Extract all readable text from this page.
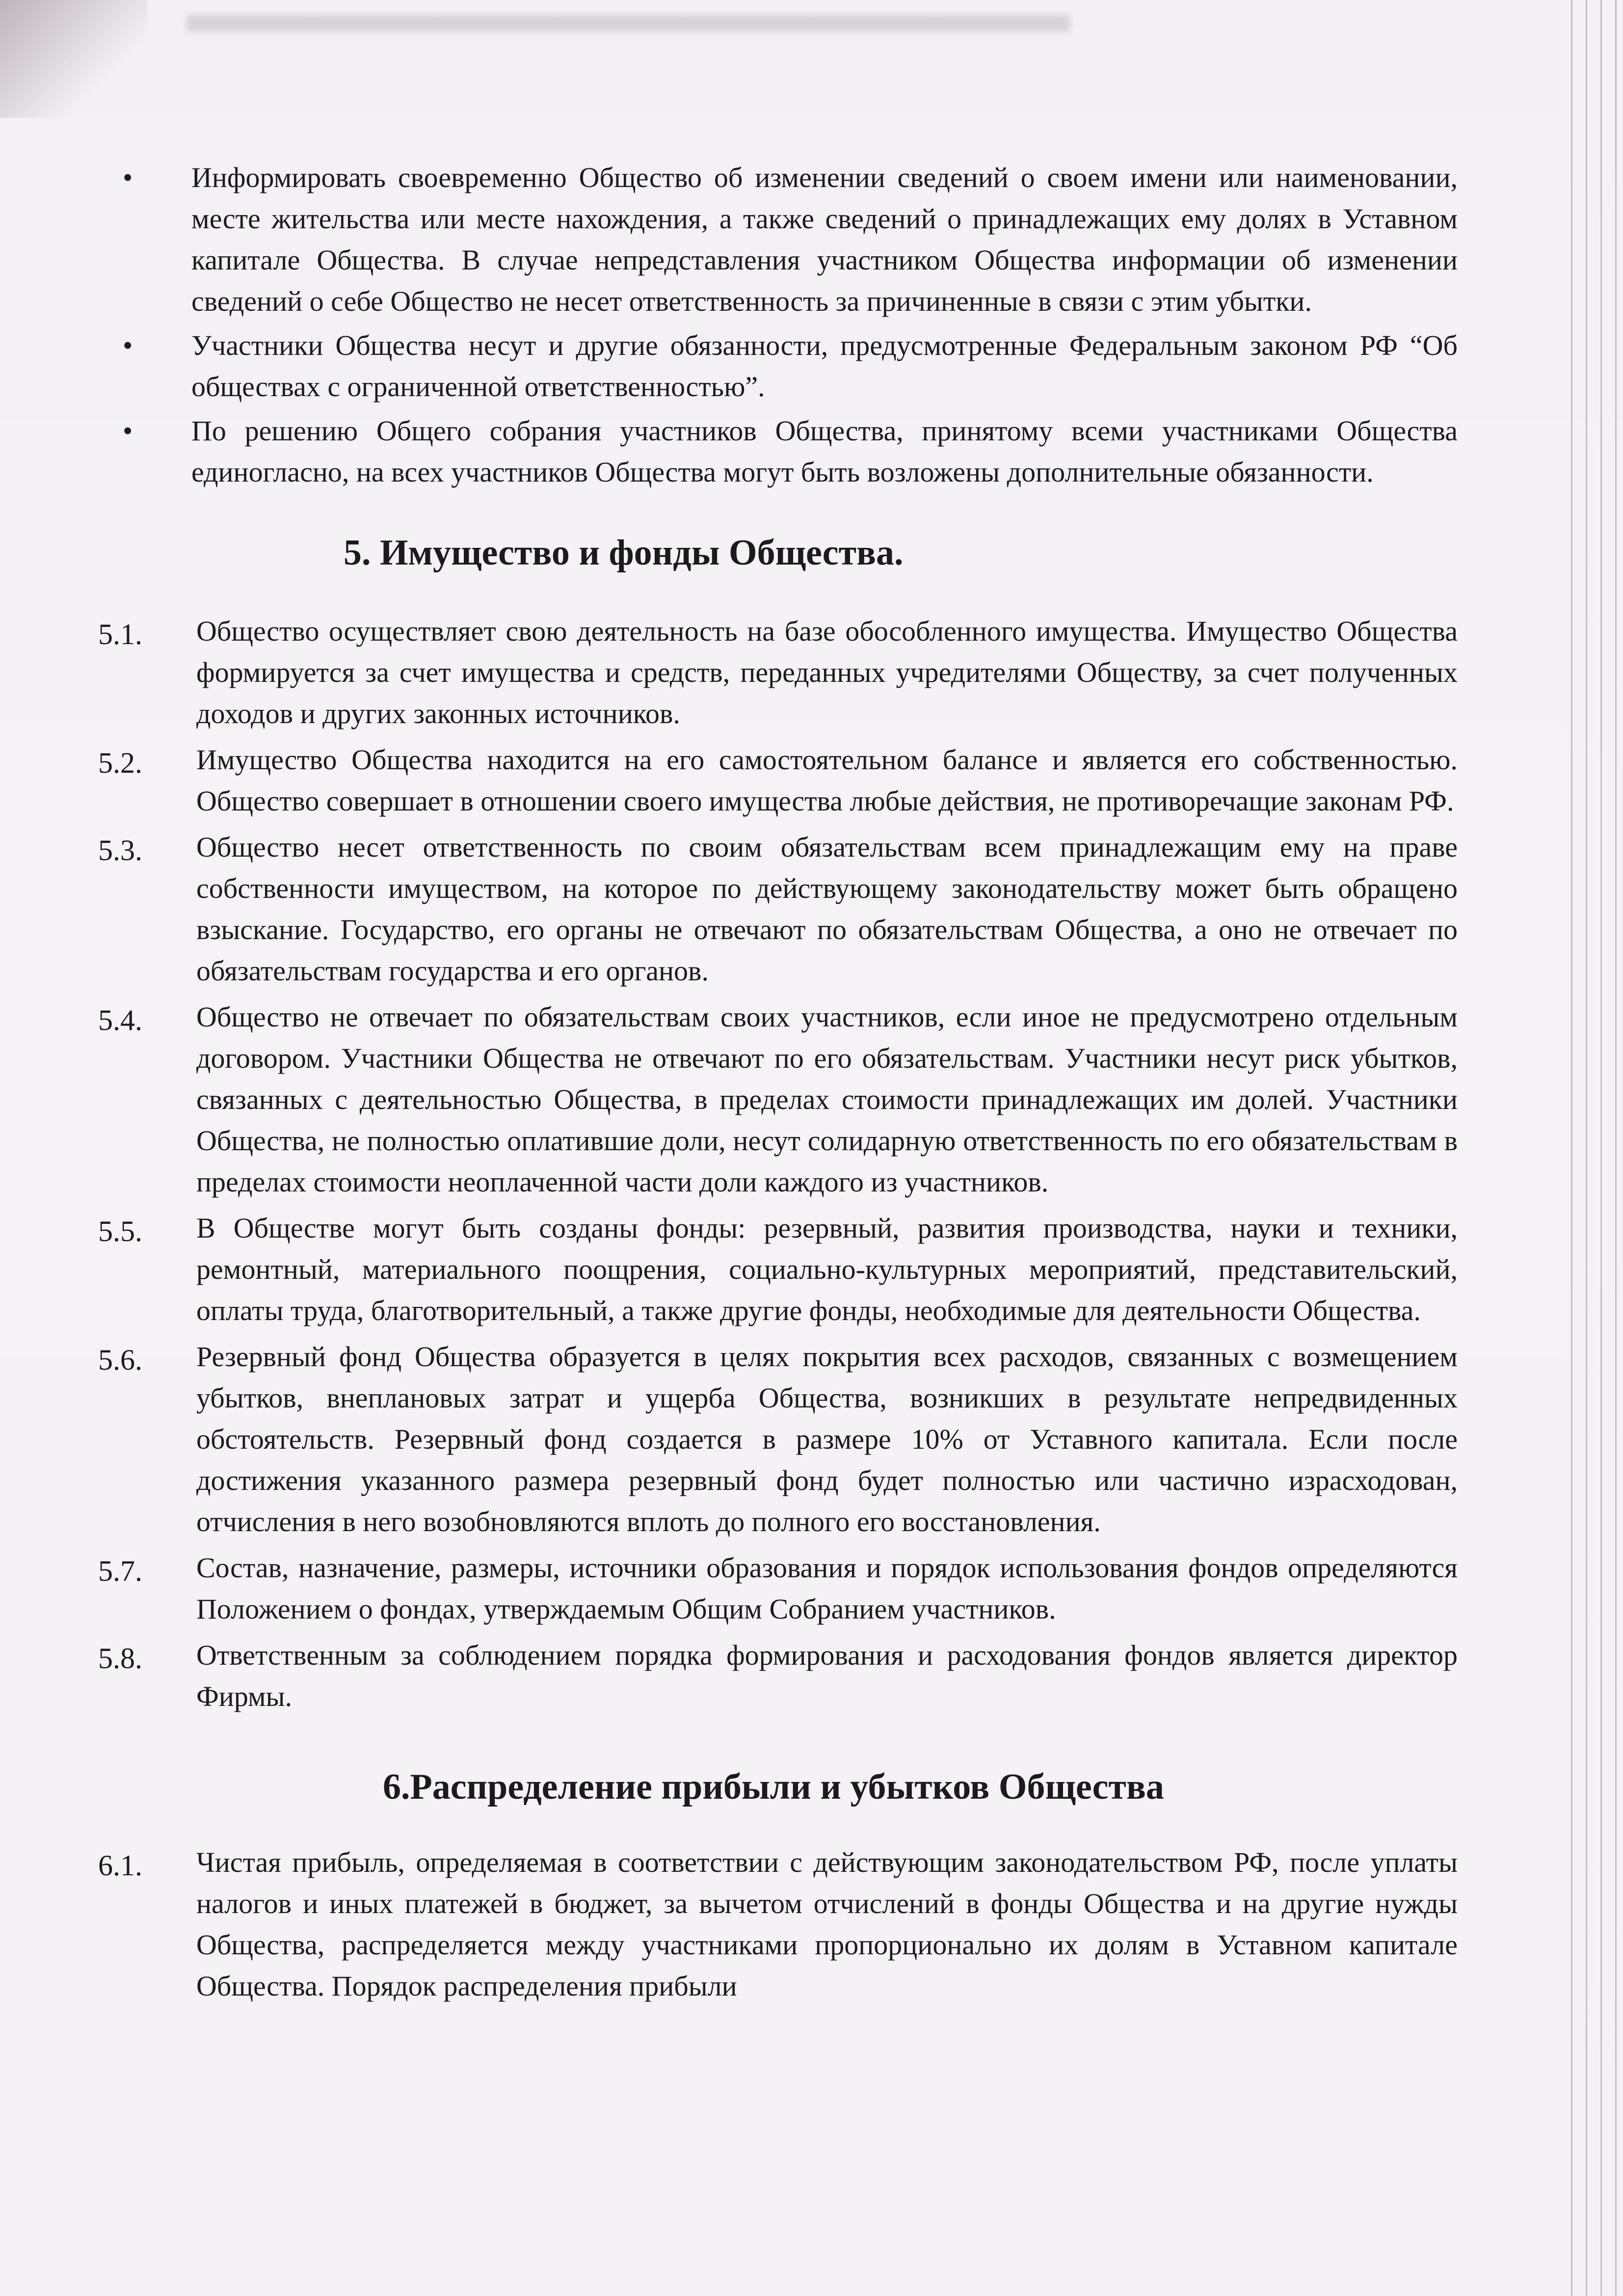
• Информировать своевременно Общество об изменении сведений о своем имени или наименовании, месте жительства или месте нахождения, а также сведений о принадлежащих ему долях в Уставном капитале Общества. В случае непредставления участником Общества информации об изменении сведений о себе Общество не несет ответственность за причиненные в связи с этим убытки.

• Участники Общества несут и другие обязанности, предусмотренные Федеральным законом РФ “Об обществах с ограниченной ответственностью”.

• По решению Общего собрания участников Общества, принятому всеми участниками Общества единогласно, на всех участников Общества могут быть возложены дополнительные обязанности.

5. Имущество и фонды Общества.
5.1. Общество осуществляет свою деятельность на базе обособленного имущества. Имущество Общества формируется за счет имущества и средств, переданных учредителями Обществу, за счет полученных доходов и других законных источников.

5.2. Имущество Общества находится на его самостоятельном балансе и является его собственностью. Общество совершает в отношении своего имущества любые действия, не противоречащие законам РФ.

5.3. Общество несет ответственность по своим обязательствам всем принадлежащим ему на праве собственности имуществом, на которое по действующему законодательству может быть обращено взыскание. Государство, его органы не отвечают по обязательствам Общества, а оно не отвечает по обязательствам государства и его органов.

5.4. Общество не отвечает по обязательствам своих участников, если иное не предусмотрено отдельным договором. Участники Общества не отвечают по его обязательствам. Участники несут риск убытков, связанных с деятельностью Общества, в пределах стоимости принадлежащих им долей. Участники Общества, не полностью оплатившие доли, несут солидарную ответственность по его обязательствам в пределах стоимости неоплаченной части доли каждого из участников.

5.5. В Обществе могут быть созданы фонды: резервный, развития производства, науки и техники, ремонтный, материального поощрения, социально-культурных мероприятий, представительский, оплаты труда, благотворительный, а также другие фонды, необходимые для деятельности Общества.

5.6. Резервный фонд Общества образуется в целях покрытия всех расходов, связанных с возмещением убытков, внеплановых затрат и ущерба Общества, возникших в результате непредвиденных обстоятельств. Резервный фонд создается в размере 10% от Уставного капитала. Если после достижения указанного размера резервный фонд будет полностью или частично израсходован, отчисления в него возобновляются вплоть до полного его восстановления.

5.7. Состав, назначение, размеры, источники образования и порядок использования фондов определяются Положением о фондах, утверждаемым Общим Собранием участников.

5.8. Ответственным за соблюдением порядка формирования и расходования фондов является директор Фирмы.

6.Распределение прибыли и убытков Общества
6.1. Чистая прибыль, определяемая в соответствии с действующим законодательством РФ, после уплаты налогов и иных платежей в бюджет, за вычетом отчислений в фонды Общества и на другие нужды Общества, распределяется между участниками пропорционально их долям в Уставном капитале Общества. Порядок распределения прибыли
